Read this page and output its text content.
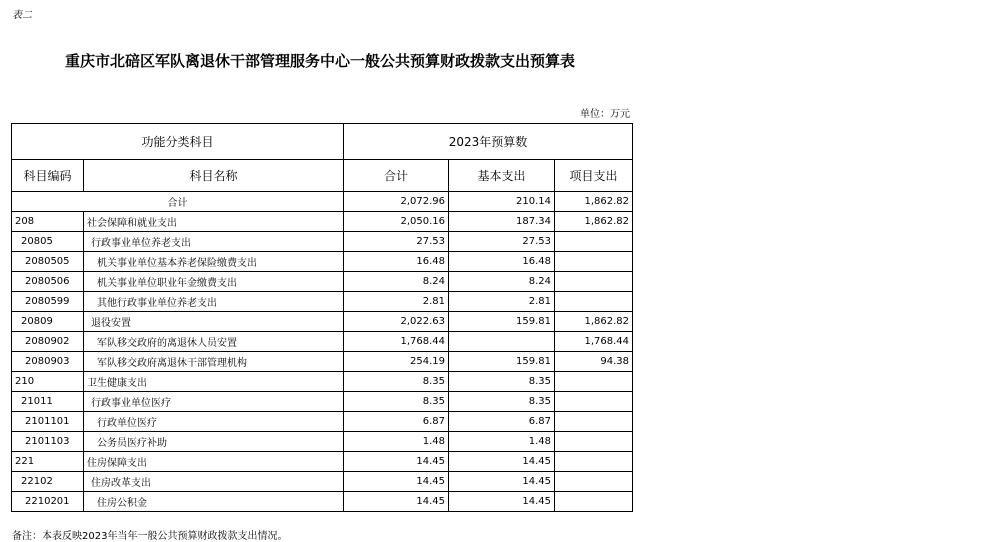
表二
重庆市北碚区军队离退休干部管理服务中心一般公共预算财政拨款支出预算表
单位：万元
功能分类科目		2023年预算数		
科目编码	科目名称	合计	基本支出	项目支出
合计		2,072.96	210.14	1,862.82
208	社会保障和就业支出	2,050.16	187.34	1,862.82
20805	行政事业单位养老支出	27.53	27.53	
2080505	机关事业单位基本养老保险缴费支出	16.48	16.48	
2080506	机关事业单位职业年金缴费支出	8.24	8.24	
2080599	其他行政事业单位养老支出	2.81	2.81	
20809	退役安置	2,022.63	159.81	1,862.82
2080902	军队移交政府的离退休人员安置	1,768.44		1,768.44
2080903	军队移交政府离退休干部管理机构	254.19	159.81	94.38
210	卫生健康支出	8.35	8.35	
21011	行政事业单位医疗	8.35	8.35	
2101101	行政单位医疗	6.87	6.87	
2101103	公务员医疗补助	1.48	1.48	
221	住房保障支出	14.45	14.45	
22102	住房改革支出	14.45	14.45	
2210201	住房公积金	14.45	14.45	
备注：本表反映2023年当年一般公共预算财政拨款支出情况。
